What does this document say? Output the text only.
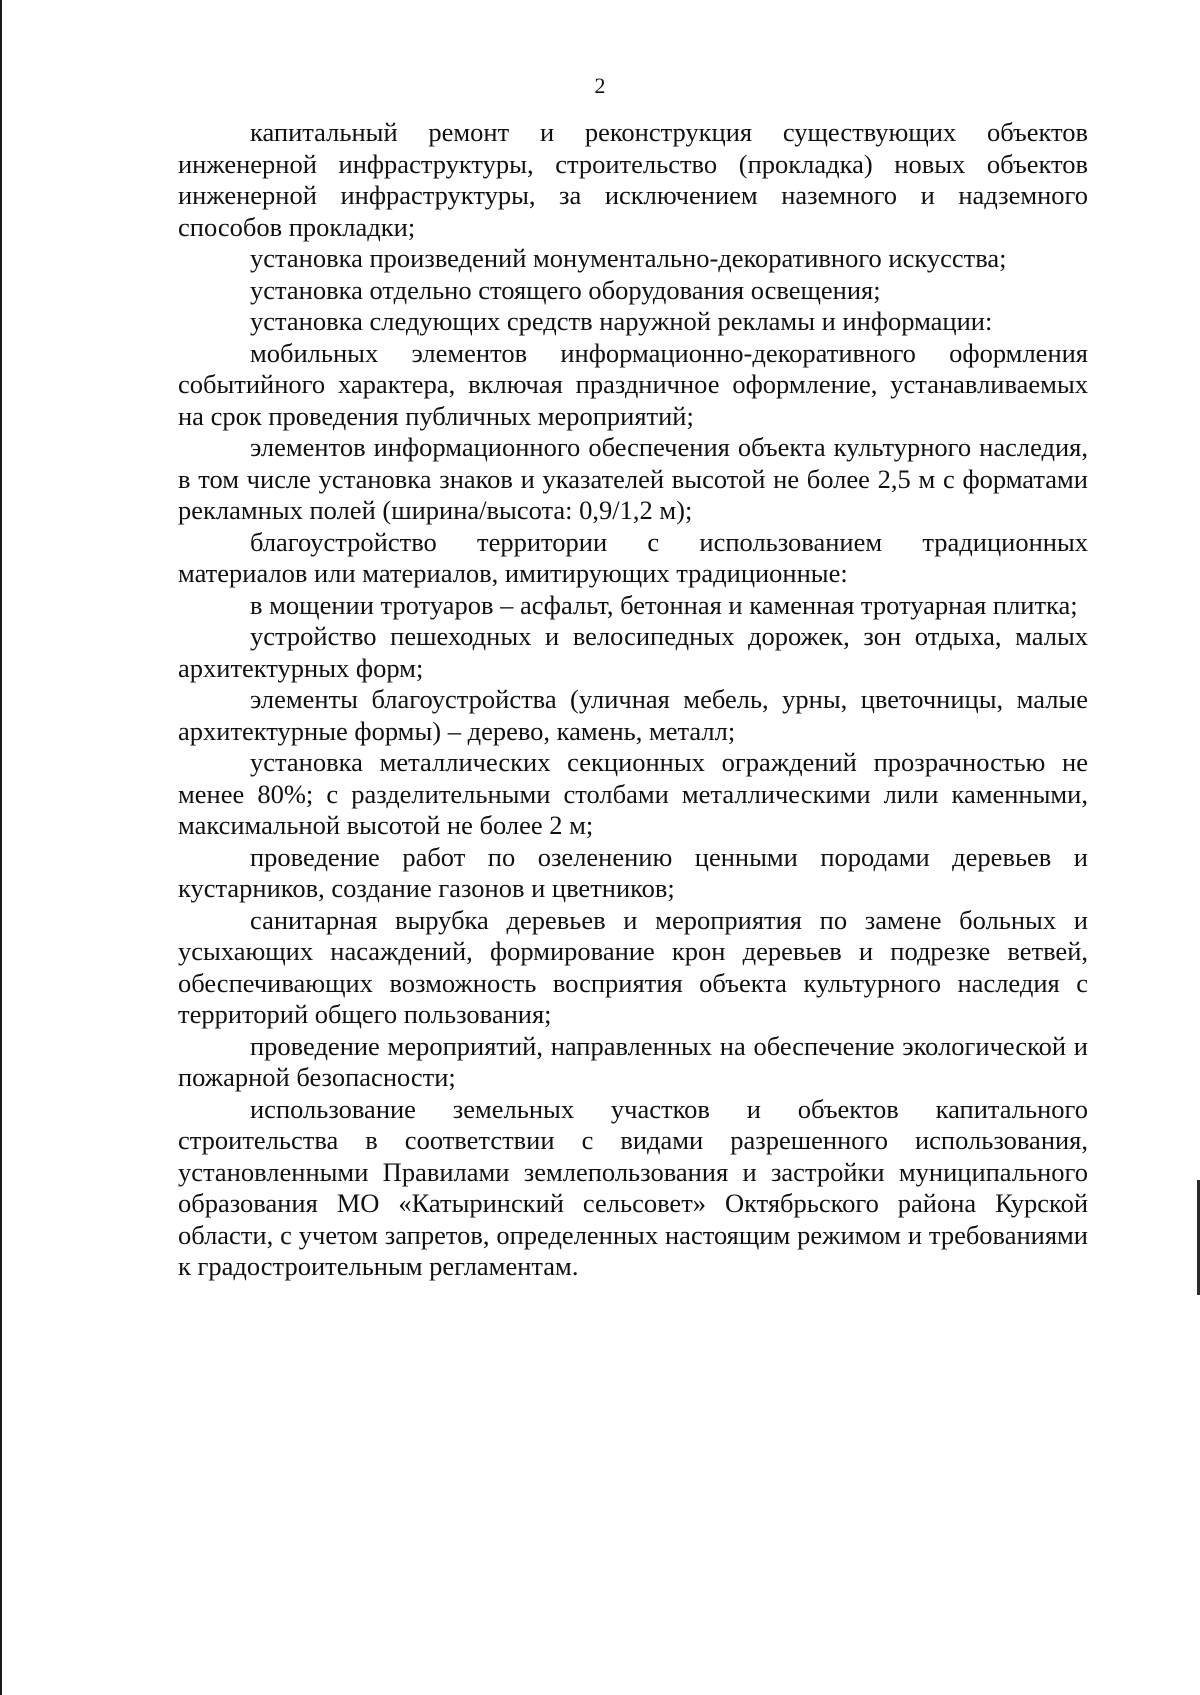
2

капитальный ремонт и реконструкция существующих объектов инженерной инфраструктуры, строительство (прокладка) новых объектов инженерной инфраструктуры, за исключением наземного и надземного способов прокладки;

установка произведений монументально-декоративного искусства;

установка отдельно стоящего оборудования освещения;

установка следующих средств наружной рекламы и информации:

мобильных элементов информационно-декоративного оформления событийного характера, включая праздничное оформление, устанавливаемых на срок проведения публичных мероприятий;

элементов информационного обеспечения объекта культурного наследия, в том числе установка знаков и указателей высотой не более 2,5 м с форматами рекламных полей (ширина/высота: 0,9/1,2 м);

благоустройство территории с использованием традиционных материалов или материалов, имитирующих традиционные:

в мощении тротуаров – асфальт, бетонная и каменная тротуарная плитка;

устройство пешеходных и велосипедных дорожек, зон отдыха, малых архитектурных форм;

элементы благоустройства (уличная мебель, урны, цветочницы, малые архитектурные формы) – дерево, камень, металл;

установка металлических секционных ограждений прозрачностью не менее 80%; с разделительными столбами металлическими лили каменными, максимальной высотой не более 2 м;

проведение работ по озеленению ценными породами деревьев и кустарников, создание газонов и цветников;

санитарная вырубка деревьев и мероприятия по замене больных и усыхающих насаждений, формирование крон деревьев и подрезке ветвей, обеспечивающих возможность восприятия объекта культурного наследия с территорий общего пользования;

проведение мероприятий, направленных на обеспечение экологической и пожарной безопасности;

использование земельных участков и объектов капитального строительства в соответствии с видами разрешенного использования, установленными Правилами землепользования и застройки муниципального образования МО «Катыринский сельсовет» Октябрьского района Курской области, с учетом запретов, определенных настоящим режимом и требованиями к градостроительным регламентам.
